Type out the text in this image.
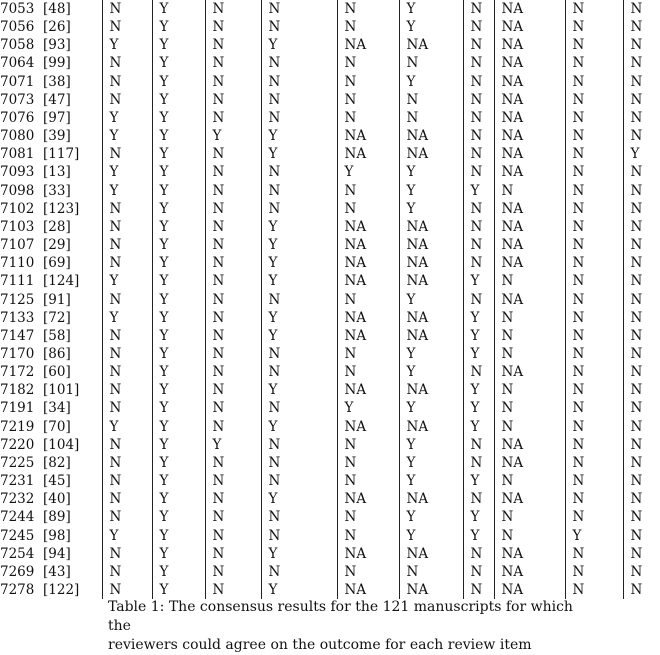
7053	[48]	N	Y	N	N	N	Y	N	NA	N	N
7056	[26]	N	Y	N	N	N	Y	N	NA	N	N
7058	[93]	Y	Y	N	Y	NA	NA	N	NA	N	N
7064	[99]	N	Y	N	N	N	N	N	NA	N	N
7071	[38]	N	Y	N	N	N	Y	N	NA	N	N
7073	[47]	N	Y	N	N	N	N	N	NA	N	N
7076	[97]	Y	Y	N	N	N	N	N	NA	N	N
7080	[39]	Y	Y	Y	Y	NA	NA	N	NA	N	N
7081	[117]	N	Y	N	Y	NA	NA	N	NA	N	Y
7093	[13]	Y	Y	N	N	Y	Y	N	NA	N	N
7098	[33]	Y	Y	N	N	N	Y	Y	N	N	N
7102	[123]	N	Y	N	N	N	Y	N	NA	N	N
7103	[28]	N	Y	N	Y	NA	NA	N	NA	N	N
7107	[29]	N	Y	N	Y	NA	NA	N	NA	N	N
7110	[69]	N	Y	N	Y	NA	NA	N	NA	N	N
7111	[124]	Y	Y	N	Y	NA	NA	Y	N	N	N
7125	[91]	N	Y	N	N	N	Y	N	NA	N	N
7133	[72]	Y	Y	N	Y	NA	NA	Y	N	N	N
7147	[58]	N	Y	N	Y	NA	NA	Y	N	N	N
7170	[86]	N	Y	N	N	N	Y	Y	N	N	N
7172	[60]	N	Y	N	N	N	Y	N	NA	N	N
7182	[101]	N	Y	N	Y	NA	NA	Y	N	N	N
7191	[34]	N	Y	N	N	Y	Y	Y	N	N	N
7219	[70]	Y	Y	N	Y	NA	NA	Y	N	N	N
7220	[104]	N	Y	Y	N	N	Y	N	NA	N	N
7225	[82]	N	Y	N	N	N	Y	N	NA	N	N
7231	[45]	N	Y	N	N	N	Y	Y	N	N	N
7232	[40]	N	Y	N	Y	NA	NA	N	NA	N	N
7244	[89]	N	Y	N	N	N	Y	Y	N	N	N
7245	[98]	Y	Y	N	N	N	Y	Y	N	Y	N
7254	[94]	N	Y	N	Y	NA	NA	N	NA	N	N
7269	[43]	N	Y	N	N	N	N	N	NA	N	N
7278	[122]	N	Y	N	Y	NA	NA	N	NA	N	N
Table 1: The consensus results for the 121 manuscripts for which the
reviewers could agree on the outcome for each review item
